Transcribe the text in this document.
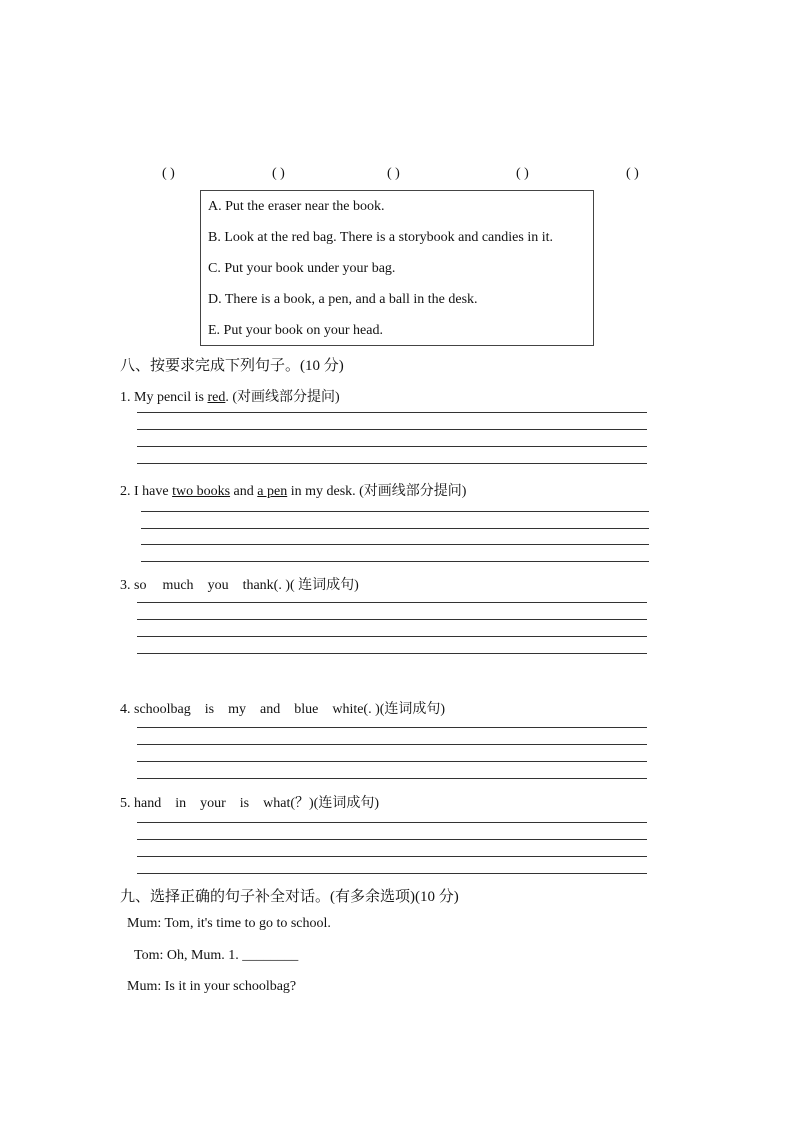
( )	( )	( )	( )	( )
A. Put the eraser near the book.
B. Look at the red bag. There is a storybook and candies in it.
C. Put your book under your bag.
D. There is a book, a pen, and a ball in the desk.
E. Put your book on your head.
八、按要求完成下列句子。(10 分)
1. My pencil is red. (对画线部分提问)
2. I have two books and a pen in my desk. (对画线部分提问)
3. so much you thank(. )( 连词成句)
4. schoolbag is my and blue white(. )(连词成句)
5. hand in your is what(？)(连词成句)
九、选择正确的句子补全对话。(有多余选项)(10 分)
Mum: Tom, it's time to go to school.
Tom: Oh, Mum. 1. ________
Mum: Is it in your schoolbag?
